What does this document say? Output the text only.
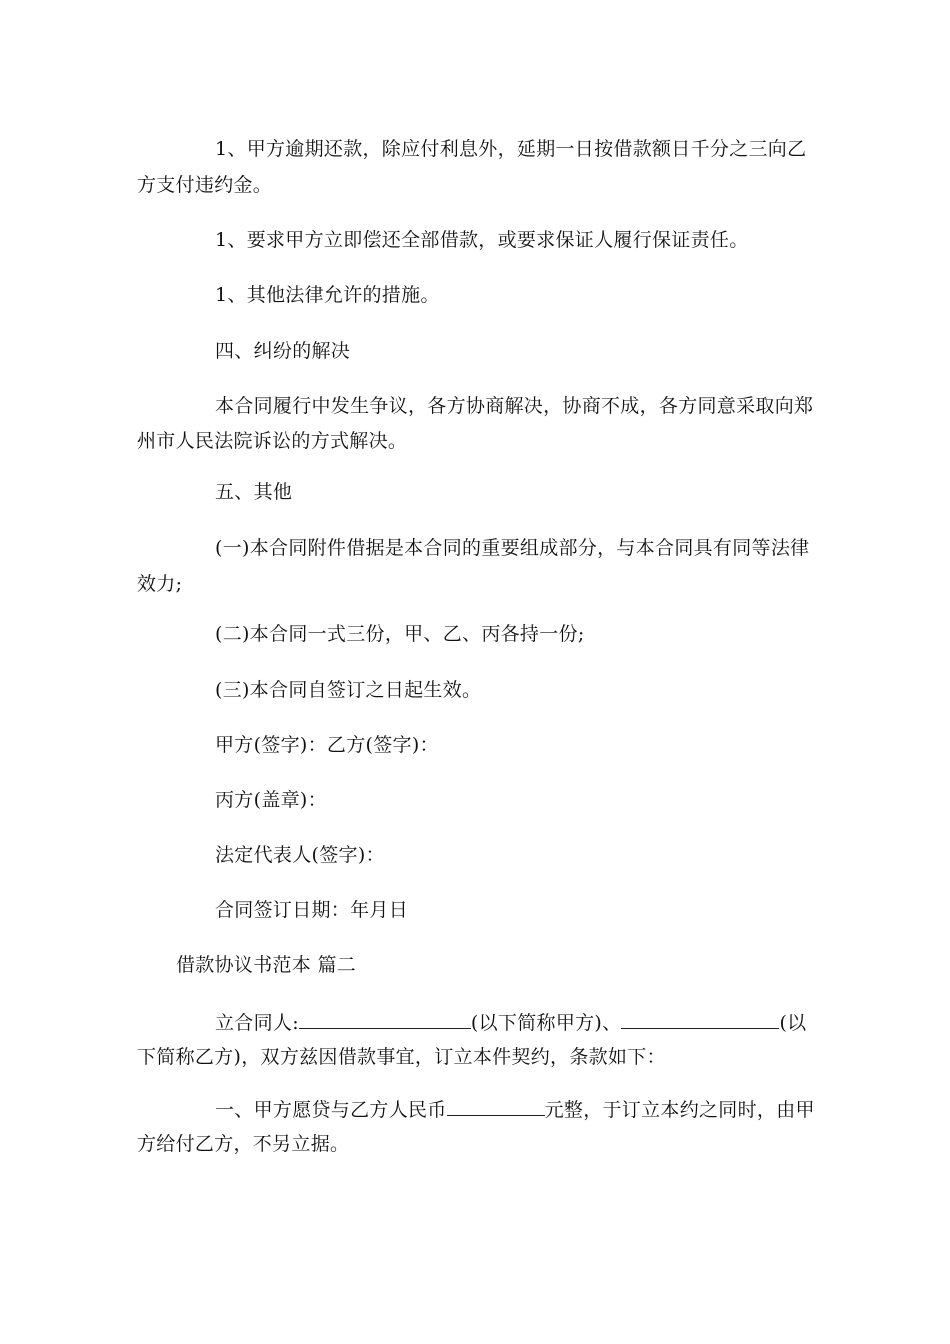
1、甲方逾期还款，除应付利息外，延期一日按借款额日千分之三向乙
方支付违约金。
1、要求甲方立即偿还全部借款，或要求保证人履行保证责任。
1、其他法律允许的措施。
四、纠纷的解决
本合同履行中发生争议，各方协商解决，协商不成，各方同意采取向郑
州市人民法院诉讼的方式解决。
五、其他
(一)本合同附件借据是本合同的重要组成部分，与本合同具有同等法律
效力;
(二)本合同一式三份，甲、乙、丙各持一份;
(三)本合同自签订之日起生效。
甲方(签字)：乙方(签字)：
丙方(盖章)：
法定代表人(签字)：
合同签订日期：年月日
借款协议书范本 篇二
立合同人:	(以下简称甲方)、	(以
下简称乙方)，双方兹因借款事宜，订立本件契约，条款如下：
一、甲方愿贷与乙方人民币	元整，于订立本约之同时，由甲
方给付乙方，不另立据。
